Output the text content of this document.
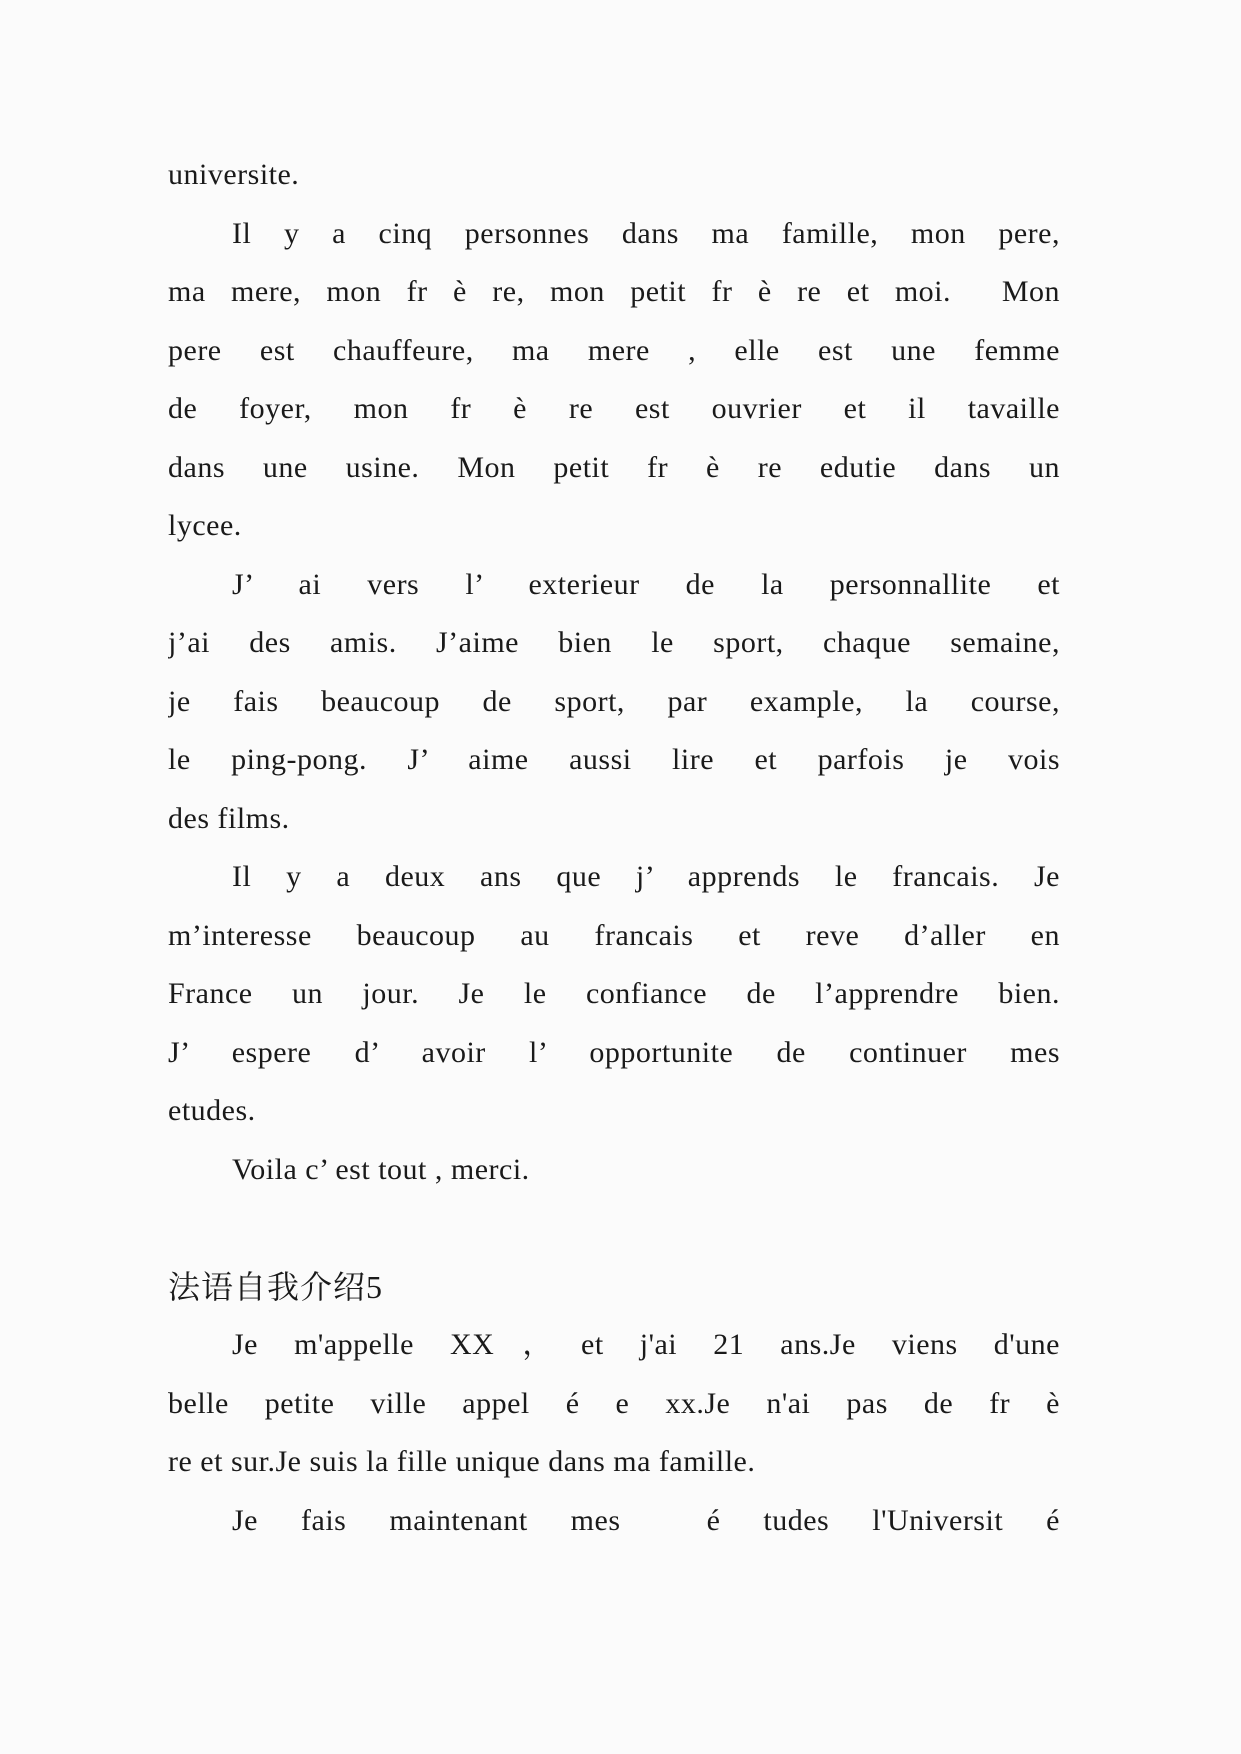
universite.
Il y a cinq personnes dans ma famille, mon pere,
ma mere, mon fr è re, mon petit fr è re et moi.  Mon
pere est chauffeure, ma mere , elle est une femme
de foyer, mon fr è re est ouvrier et il tavaille
dans une usine. Mon petit fr è re edutie dans un
lycee.
J’ ai vers l’ exterieur de la personnallite et
j’ai des amis. J’aime bien le sport, chaque semaine,
je fais beaucoup de sport, par example, la course,
le ping-pong. J’ aime aussi lire et parfois je vois
des films.
Il y a deux ans que j’ apprends le francais. Je
m’interesse beaucoup au francais et reve d’aller en
France un jour. Je le confiance de l’apprendre bien.
J’ espere d’ avoir l’ opportunite de continuer mes
etudes.
Voila c’ est tout , merci.
法语自我介绍5
Je m'appelle XX，et j'ai 21 ans.Je viens d'une
belle petite ville appel é e xx.Je n'ai pas de fr è
re et sur.Je suis la fille unique dans ma famille.
Je fais maintenant mes  é tudes l'Universit é
